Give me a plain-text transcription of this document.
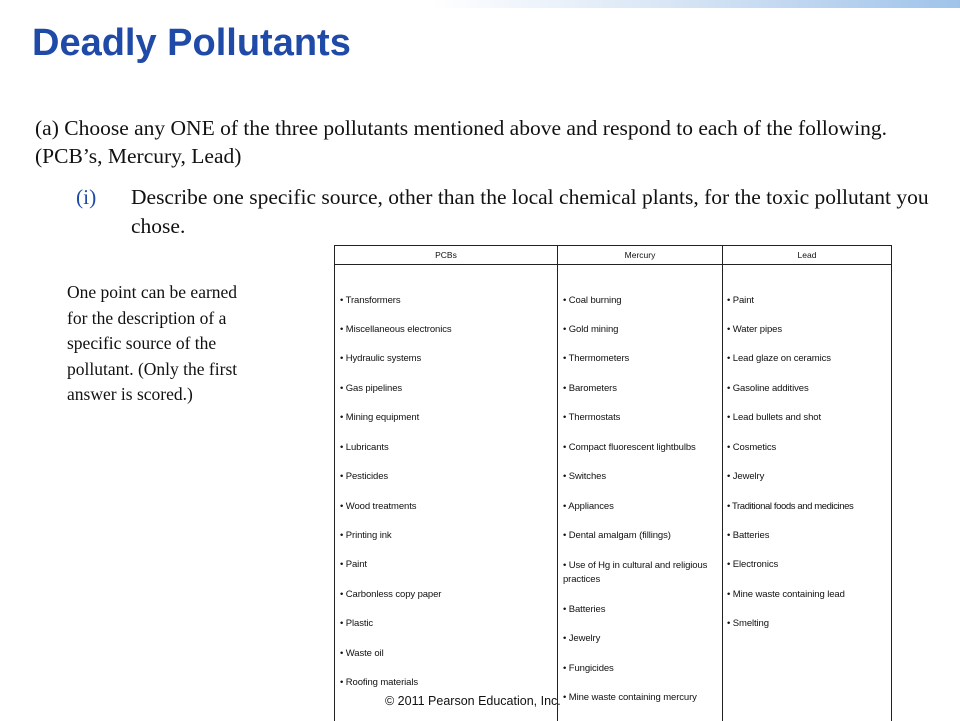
Deadly Pollutants

(a) Choose any ONE of the three pollutants mentioned above and respond to each of the following. (PCB’s, Mercury, Lead)

(i) Describe one specific source, other than the local chemical plants, for the toxic pollutant you chose.
One point can be earned for the description of a specific source of the pollutant. (Only the first answer is scored.)
PCBs	Mercury	Lead
• Transformers
• Miscellaneous electronics
• Hydraulic systems
• Gas pipelines
• Mining equipment
• Lubricants
• Pesticides
• Wood treatments
• Printing ink
• Paint
• Carbonless copy paper
• Plastic
• Waste oil
• Roofing materials
• Coal burning
• Gold mining
• Thermometers
• Barometers
• Thermostats
• Compact fluorescent lightbulbs
• Switches
• Appliances
• Dental amalgam (fillings)
• Use of Hg in cultural and religious practices
• Batteries
• Jewelry
• Fungicides
• Mine waste containing mercury
• Paint
• Water pipes
• Lead glaze on ceramics
• Gasoline additives
• Lead bullets and shot
• Cosmetics
• Jewelry
• Traditional foods and medicines
• Batteries
• Electronics
• Mine waste containing lead
• Smelting
© 2011 Pearson Education, Inc.
